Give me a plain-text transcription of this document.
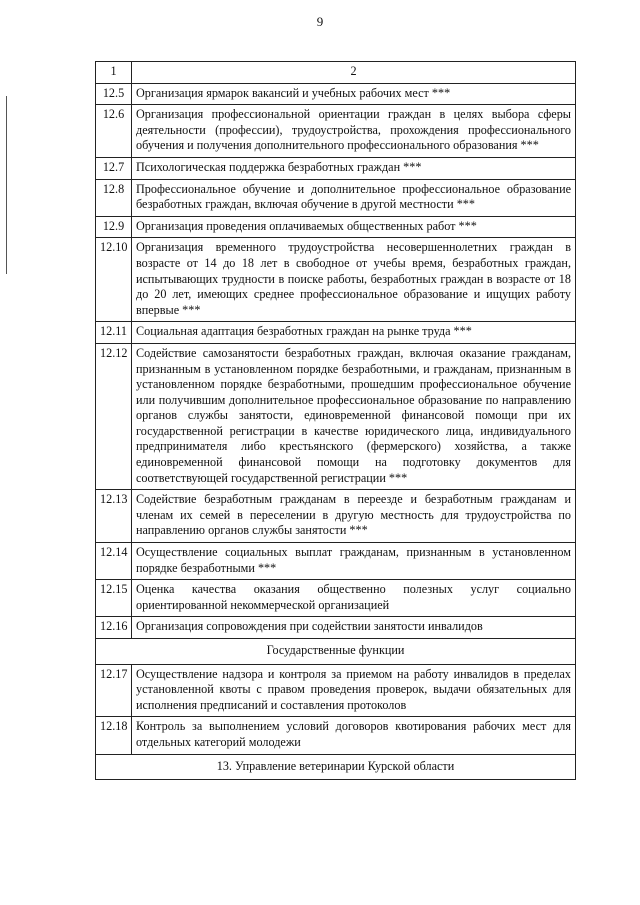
9
1	2
12.5	Организация ярмарок вакансий и учебных рабочих мест ***
12.6	Организация профессиональной ориентации граждан в целях выбора сферы деятельности (профессии), трудоустройства, прохождения профессионального обучения и получения дополнительного профессионального образования ***
12.7	Психологическая поддержка безработных граждан ***
12.8	Профессиональное обучение и дополнительное профессиональное образование безработных граждан, включая обучение в другой местности ***
12.9	Организация проведения оплачиваемых общественных работ ***
12.10	Организация временного трудоустройства несовершеннолетних граждан в возрасте от 14 до 18 лет в свободное от учебы время, безработных граждан, испытывающих трудности в поиске работы, безработных граждан в возрасте от 18 до 20 лет, имеющих среднее профессиональное образование и ищущих работу впервые ***
12.11	Социальная адаптация безработных граждан на рынке труда ***
12.12	Содействие самозанятости безработных граждан, включая оказание гражданам, признанным в установленном порядке безработными, и гражданам, признанным в установленном порядке безработными, прошедшим профессиональное обучение или получившим дополнительное профессиональное образование по направлению органов службы занятости, единовременной финансовой помощи при их государственной регистрации в качестве юридического лица, индивидуального предпринимателя либо крестьянского (фермерского) хозяйства, а также единовременной финансовой помощи на подготовку документов для соответствующей государственной регистрации ***
12.13	Содействие безработным гражданам в переезде и безработным гражданам и членам их семей в переселении в другую местность для трудоустройства по направлению органов службы занятости ***
12.14	Осуществление социальных выплат гражданам, признанным в установленном порядке безработными ***
12.15	Оценка качества оказания общественно полезных услуг социально ориентированной некоммерческой организацией
12.16	Организация сопровождения при содействии занятости инвалидов
Государственные функции	
12.17	Осуществление надзора и контроля за приемом на работу инвалидов в пределах установленной квоты с правом проведения проверок, выдачи обязательных для исполнения предписаний и составления протоколов
12.18	Контроль за выполнением условий договоров квотирования рабочих мест для отдельных категорий молодежи
13. Управление ветеринарии Курской области	
